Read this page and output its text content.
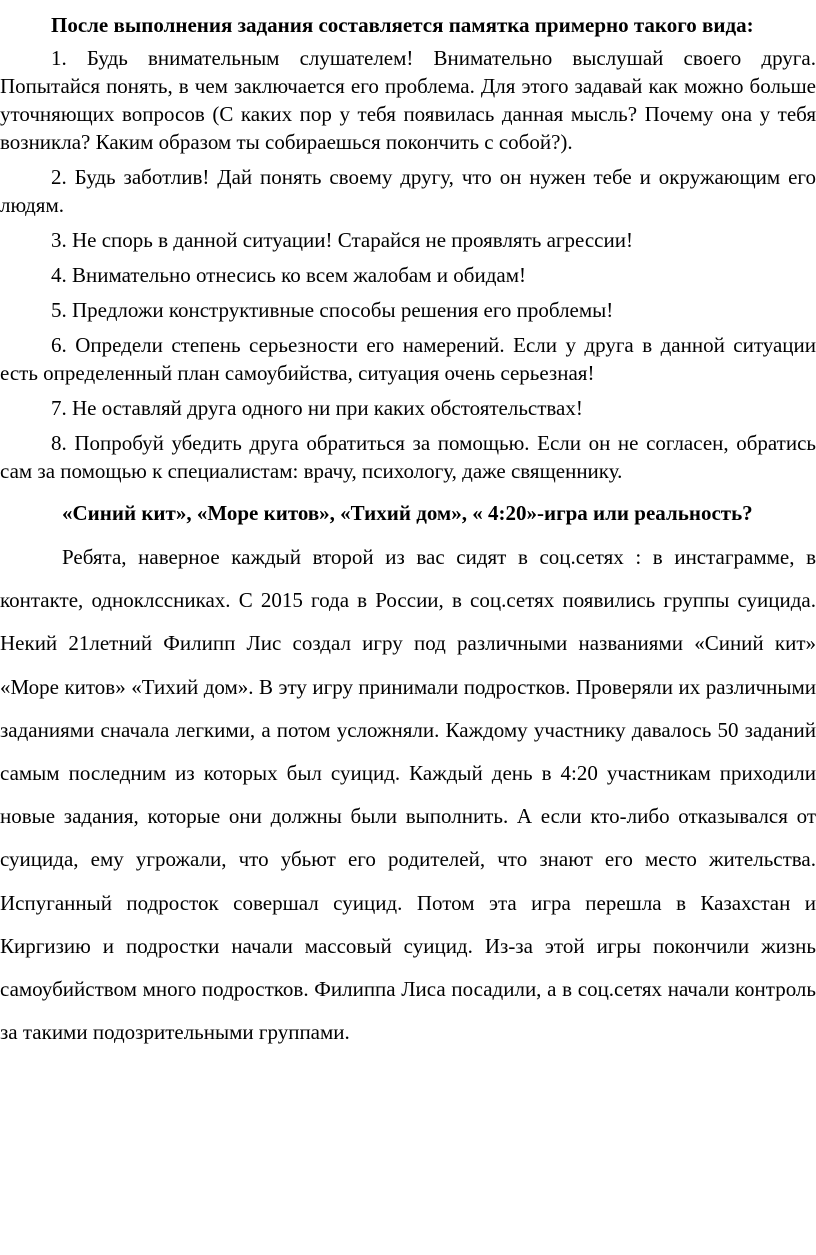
После выполнения задания составляется памятка примерно такого вида:

1. Будь внимательным слушателем! Внимательно выслушай своего друга. Попытайся понять, в чем заключается его проблема. Для этого задавай как можно больше уточняющих вопросов (С каких пор у тебя появилась данная мысль? Почему она у тебя возникла? Каким образом ты собираешься покончить с собой?).

2. Будь заботлив! Дай понять своему другу, что он нужен тебе и окружающим его людям.

3. Не спорь в данной ситуации! Старайся не проявлять агрессии!

4. Внимательно отнесись ко всем жалобам и обидам!

5. Предложи конструктивные способы решения его проблемы!

6. Определи степень серьезности его намерений. Если у друга в данной ситуации есть определенный план самоубийства, ситуация очень серьезная!

7. Не оставляй друга одного ни при каких обстоятельствах!

8. Попробуй убедить друга обратиться за помощью. Если он не согласен, обратись сам за помощью к специалистам: врачу, психологу, даже священнику.

«Синий кит», «Море китов», «Тихий дом», « 4:20»-игра или реальность?

Ребята, наверное каждый второй из вас сидят в соц.сетях : в инстаграмме, в контакте, одноклссниках. С 2015 года в России, в соц.сетях появились группы суицида. Некий 21летний Филипп Лис создал игру под различными названиями «Синий кит» «Море китов» «Тихий дом». В эту игру принимали подростков. Проверяли их различными заданиями сначала легкими, а потом усложняли. Каждому участнику давалось 50 заданий самым последним из которых был суицид. Каждый день в 4:20 участникам приходили новые задания, которые они должны были выполнить. А если кто-либо отказывался от суицида, ему угрожали, что убьют его родителей, что знают его место жительства. Испуганный подросток совершал суицид. Потом эта игра перешла в Казахстан и Киргизию и подростки начали массовый суицид. Из-за этой игры покончили жизнь самоубийством много подростков. Филиппа Лиса посадили, а в соц.сетях начали контроль за такими подозрительными группами.
